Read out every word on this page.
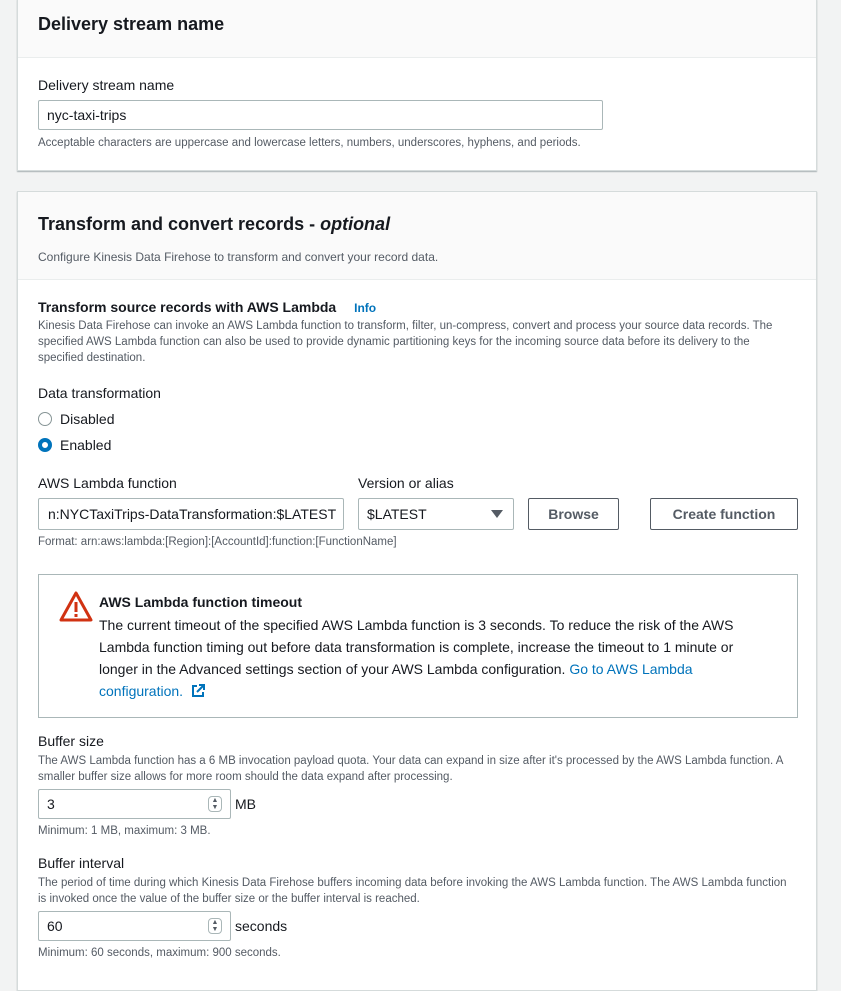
Delivery stream name
Delivery stream name
nyc-taxi-trips
Acceptable characters are uppercase and lowercase letters, numbers, underscores, hyphens, and periods.
Transform and convert records - optional
Configure Kinesis Data Firehose to transform and convert your record data.
Transform source records with AWS Lambda Info
Kinesis Data Firehose can invoke an AWS Lambda function to transform, filter, un-compress, convert and process your source data records. The specified AWS Lambda function can also be used to provide dynamic partitioning keys for the incoming source data before its delivery to the specified destination.
Data transformation
Disabled
Enabled
AWS Lambda function	Version or alias
n:NYCTaxiTrips-DataTransformation:$LATEST	$LATEST	Browse	Create function
Format: arn:aws:lambda:[Region]:[AccountId]:function:[FunctionName]
AWS Lambda function timeout
The current timeout of the specified AWS Lambda function is 3 seconds. To reduce the risk of the AWS Lambda function timing out before data transformation is complete, increase the timeout to 1 minute or longer in the Advanced settings section of your AWS Lambda configuration. Go to AWS Lambda configuration.
Buffer size
The AWS Lambda function has a 6 MB invocation payload quota. Your data can expand in size after it's processed by the AWS Lambda function. A smaller buffer size allows for more room should the data expand after processing.
3	▲
▼ MB
Minimum: 1 MB, maximum: 3 MB.
Buffer interval
The period of time during which Kinesis Data Firehose buffers incoming data before invoking the AWS Lambda function. The AWS Lambda function is invoked once the value of the buffer size or the buffer interval is reached.
60	▲
▼ seconds
Minimum: 60 seconds, maximum: 900 seconds.
